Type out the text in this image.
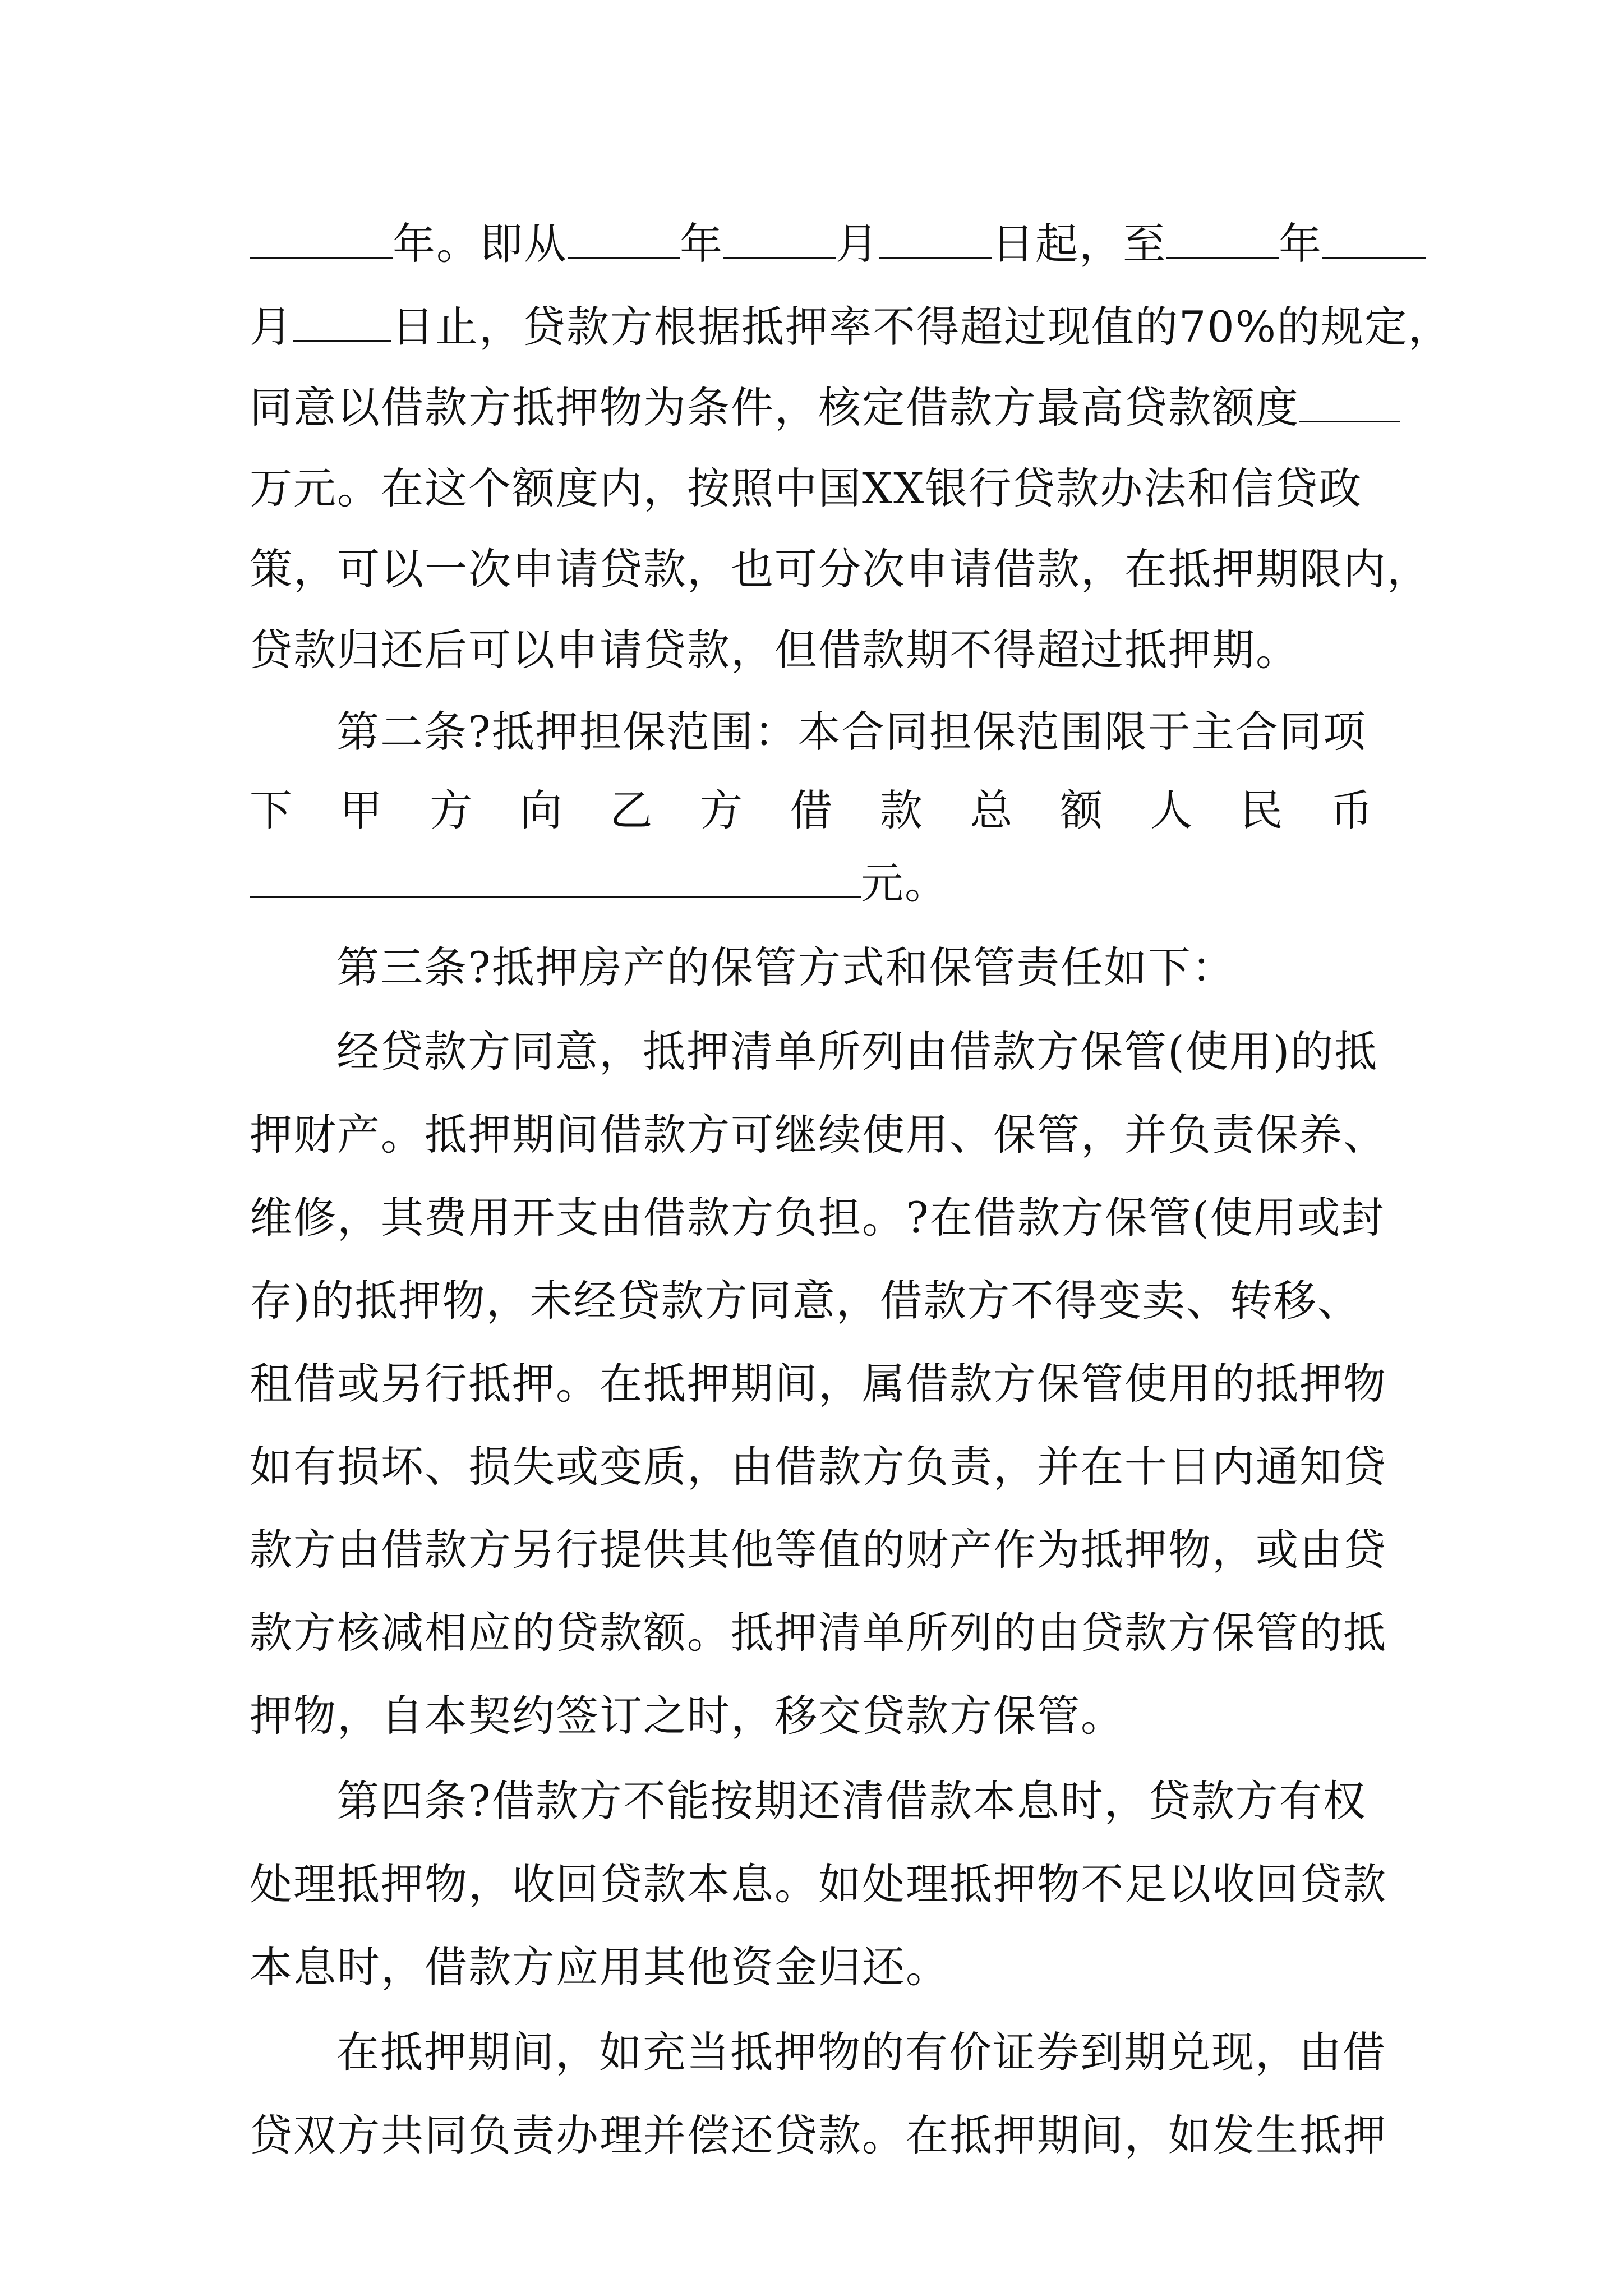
年。即从	年	月	日起，至	年
月 日止，贷款方根据抵押率不得超过现值的70%的规定，
同意以借款方抵押物为条件，核定借款方最高贷款额度
万元。在这个额度内，按照中国XX银行贷款办法和信贷政
策，可以一次申请贷款，也可分次申请借款，在抵押期限内，
贷款归还后可以申请贷款，但借款期不得超过抵押期。
第二条?抵押担保范围：本合同担保范围限于主合同项
下 甲 方 向 乙 方 借 款 总 额 人 民 币
元。
第三条?抵押房产的保管方式和保管责任如下：
经贷款方同意，抵押清单所列由借款方保管(使用)的抵
押财产。抵押期间借款方可继续使用、保管，并负责保养、
维修，其费用开支由借款方负担。?在借款方保管(使用或封
存)的抵押物，未经贷款方同意，借款方不得变卖、转移、
租借或另行抵押。在抵押期间，属借款方保管使用的抵押物
如有损坏、损失或变质，由借款方负责，并在十日内通知贷
款方由借款方另行提供其他等值的财产作为抵押物，或由贷
款方核减相应的贷款额。抵押清单所列的由贷款方保管的抵
押物，自本契约签订之时，移交贷款方保管。
第四条?借款方不能按期还清借款本息时，贷款方有权
处理抵押物，收回贷款本息。如处理抵押物不足以收回贷款
本息时，借款方应用其他资金归还。
在抵押期间，如充当抵押物的有价证券到期兑现，由借
贷双方共同负责办理并偿还贷款。在抵押期间，如发生抵押
